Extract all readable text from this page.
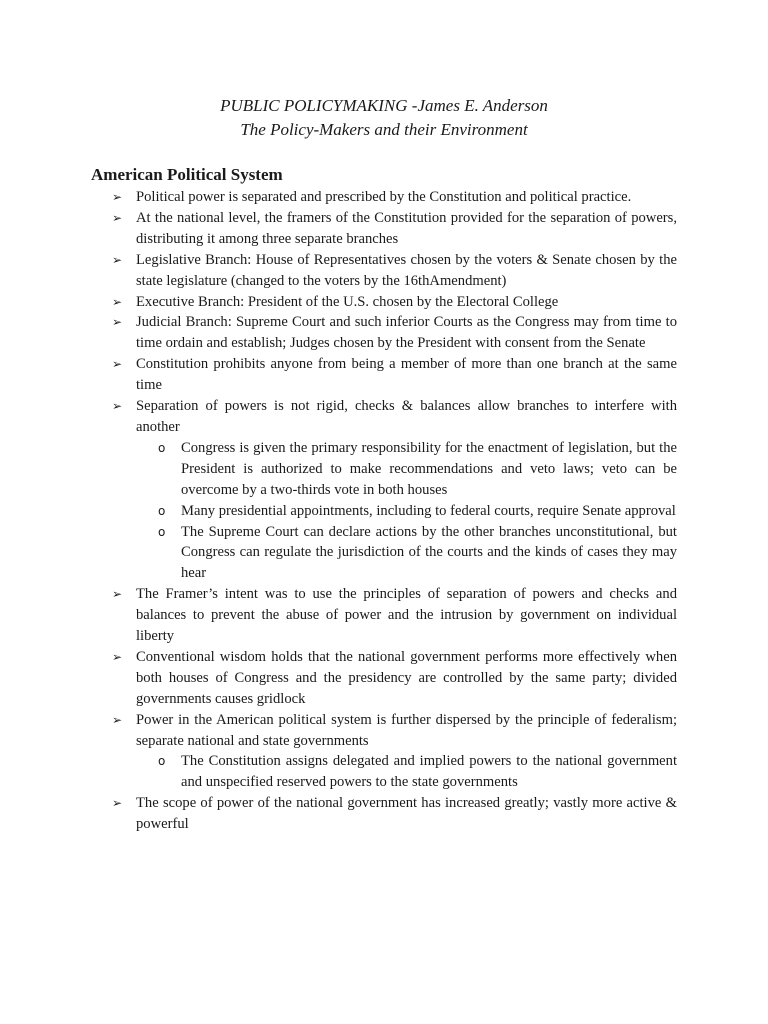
PUBLIC POLICYMAKING -James E. Anderson
The Policy-Makers and their Environment
American Political System
➢ Political power is separated and prescribed by the Constitution and political practice.
➢ At the national level, the framers of the Constitution provided for the separation of powers, distributing it among three separate branches
➢ Legislative Branch: House of Representatives chosen by the voters & Senate chosen by the state legislature (changed to the voters by the 16thAmendment)
➢ Executive Branch: President of the U.S. chosen by the Electoral College
➢ Judicial Branch: Supreme Court and such inferior Courts as the Congress may from time to time ordain and establish; Judges chosen by the President with consent from the Senate
➢ Constitution prohibits anyone from being a member of more than one branch at the same time
➢ Separation of powers is not rigid, checks & balances allow branches to interfere with another
o Congress is given the primary responsibility for the enactment of legislation, but the President is authorized to make recommendations and veto laws; veto can be overcome by a two-thirds vote in both houses
o Many presidential appointments, including to federal courts, require Senate approval
o The Supreme Court can declare actions by the other branches unconstitutional, but Congress can regulate the jurisdiction of the courts and the kinds of cases they may hear
➢ The Framer’s intent was to use the principles of separation of powers and checks and balances to prevent the abuse of power and the intrusion by government on individual liberty
➢ Conventional wisdom holds that the national government performs more effectively when both houses of Congress and the presidency are controlled by the same party; divided governments causes gridlock
➢ Power in the American political system is further dispersed by the principle of federalism; separate national and state governments
o The Constitution assigns delegated and implied powers to the national government and unspecified reserved powers to the state governments
➢ The scope of power of the national government has increased greatly; vastly more active & powerful
